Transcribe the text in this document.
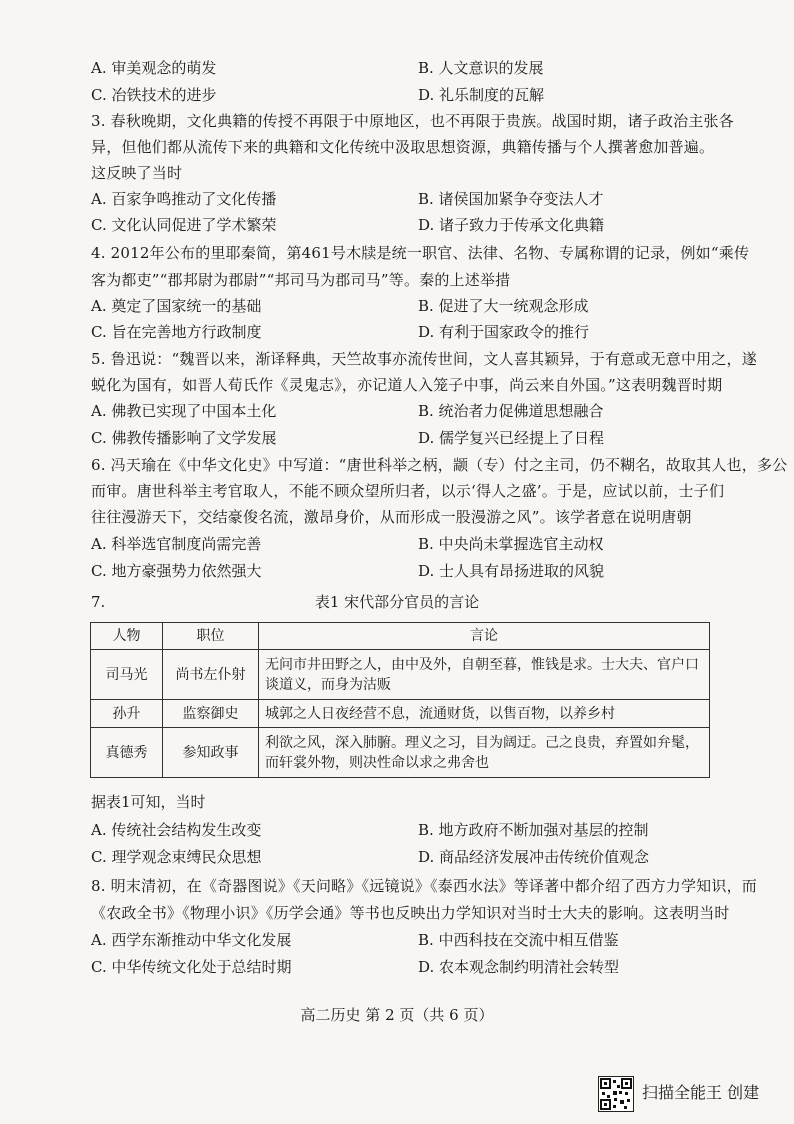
A. 审美观念的萌发	B. 人文意识的发展
C. 冶铁技术的进步	D. 礼乐制度的瓦解
3. 春秋晚期，文化典籍的传授不再限于中原地区，也不再限于贵族。战国时期，诸子政治主张各
异，但他们都从流传下来的典籍和文化传统中汲取思想资源，典籍传播与个人撰著愈加普遍。
这反映了当时
A. 百家争鸣推动了文化传播	B. 诸侯国加紧争夺变法人才
C. 文化认同促进了学术繁荣	D. 诸子致力于传承文化典籍
4. 2012年公布的里耶秦简，第461号木牍是统一职官、法律、名物、专属称谓的记录，例如“乘传
客为都吏”“郡邦尉为郡尉”“邦司马为郡司马”等。秦的上述举措
A. 奠定了国家统一的基础	B. 促进了大一统观念形成
C. 旨在完善地方行政制度	D. 有利于国家政令的推行
5. 鲁迅说：“魏晋以来，渐译释典，天竺故事亦流传世间，文人喜其颖异，于有意或无意中用之，遂
蜕化为国有，如晋人荀氏作《灵鬼志》，亦记道人入笼子中事，尚云来自外国。”这表明魏晋时期
A. 佛教已实现了中国本土化	B. 统治者力促佛道思想融合
C. 佛教传播影响了文学发展	D. 儒学复兴已经提上了日程
6. 冯天瑜在《中华文化史》中写道：“唐世科举之柄，颛（专）付之主司，仍不糊名，故取其人也，多公
而审。唐世科举主考官取人，不能不顾众望所归者，以示‘得人之盛’。于是，应试以前，士子们
往往漫游天下，交结豪俊名流，激昂身价，从而形成一股漫游之风”。该学者意在说明唐朝
A. 科举选官制度尚需完善	B. 中央尚未掌握选官主动权
C. 地方豪强势力依然强大	D. 士人具有昂扬进取的风貌
7.	表1 宋代部分官员的言论
人物	职位	言论
司马光	尚书左仆射	无问市井田野之人，由中及外，自朝至暮，惟钱是求。士大夫、官户口谈道义，而身为沽贩
孙升	监察御史	城郭之人日夜经营不息，流通财货，以售百物，以养乡村
真德秀	参知政事	利欲之风，深入肺腑。理义之习，目为阔迂。己之良贵，弃置如弁髦，而轩裳外物，则决性命以求之弗舍也
据表1可知，当时
A. 传统社会结构发生改变	B. 地方政府不断加强对基层的控制
C. 理学观念束缚民众思想	D. 商品经济发展冲击传统价值观念
8. 明末清初，在《奇器图说》《天问略》《远镜说》《泰西水法》等译著中都介绍了西方力学知识，而
《农政全书》《物理小识》《历学会通》等书也反映出力学知识对当时士大夫的影响。这表明当时
A. 西学东渐推动中华文化发展	B. 中西科技在交流中相互借鉴
C. 中华传统文化处于总结时期	D. 农本观念制约明清社会转型
高二历史 第 2 页（共 6 页）
扫描全能王 创建
